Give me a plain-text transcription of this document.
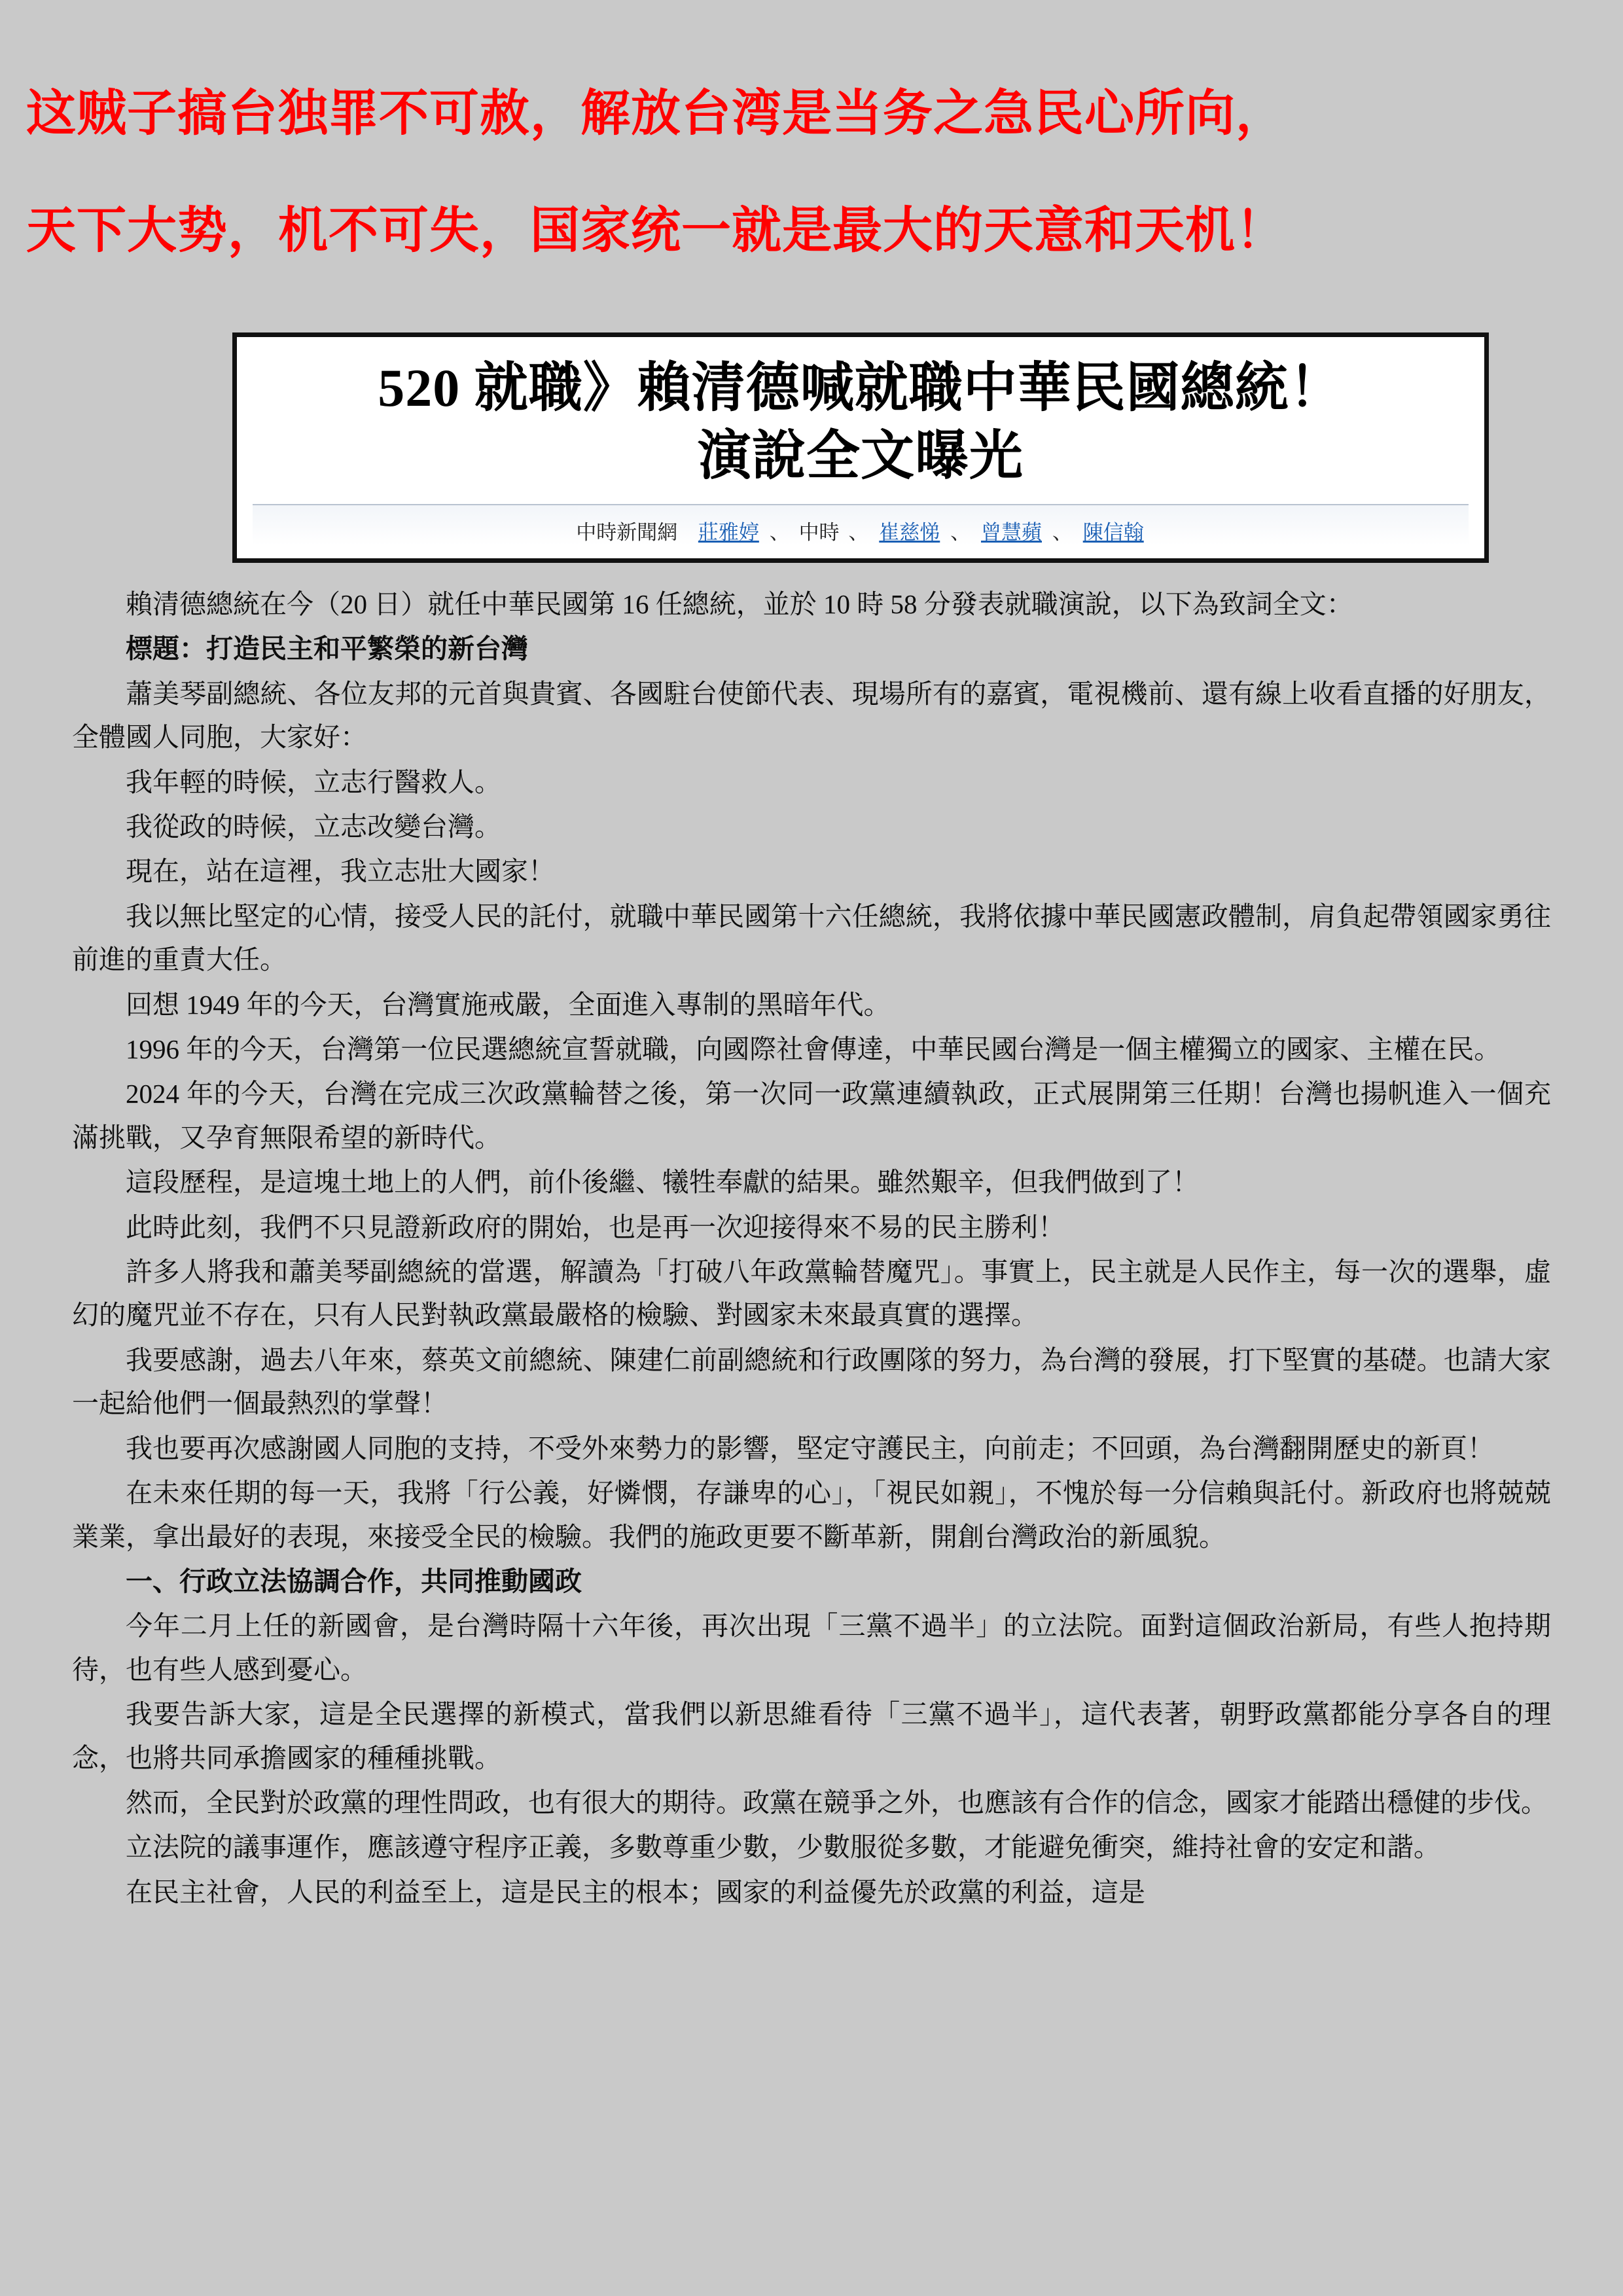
这贼子搞台独罪不可赦，解放台湾是当务之急民心所向，

天下大势，机不可失，国家统一就是最大的天意和天机！

520 就職》賴清德喊就職中華民國總統！
演說全文曝光
中時新聞網 莊雅婷 、 中時 、 崔慈悌 、 曾慧蘋 、 陳信翰

賴清德總統在今（20 日）就任中華民國第 16 任總統，並於 10 時 58 分發表就職演說，以下為致詞全文：

標題：打造民主和平繁榮的新台灣

蕭美琴副總統、各位友邦的元首與貴賓、各國駐台使節代表、現場所有的嘉賓，電視機前、還有線上收看直播的好朋友，全體國人同胞，大家好：

我年輕的時候，立志行醫救人。

我從政的時候，立志改變台灣。

現在，站在這裡，我立志壯大國家！

我以無比堅定的心情，接受人民的託付，就職中華民國第十六任總統，我將依據中華民國憲政體制，肩負起帶領國家勇往前進的重責大任。

回想 1949 年的今天，台灣實施戒嚴，全面進入專制的黑暗年代。

1996 年的今天，台灣第一位民選總統宣誓就職，向國際社會傳達，中華民國台灣是一個主權獨立的國家、主權在民。

2024 年的今天，台灣在完成三次政黨輪替之後，第一次同一政黨連續執政，正式展開第三任期！台灣也揚帆進入一個充滿挑戰，又孕育無限希望的新時代。

這段歷程，是這塊土地上的人們，前仆後繼、犧牲奉獻的結果。雖然艱辛，但我們做到了！

此時此刻，我們不只見證新政府的開始，也是再一次迎接得來不易的民主勝利！

許多人將我和蕭美琴副總統的當選，解讀為「打破八年政黨輪替魔咒」。事實上，民主就是人民作主，每一次的選舉，虛幻的魔咒並不存在，只有人民對執政黨最嚴格的檢驗、對國家未來最真實的選擇。

我要感謝，過去八年來，蔡英文前總統、陳建仁前副總統和行政團隊的努力，為台灣的發展，打下堅實的基礎。也請大家一起給他們一個最熱烈的掌聲！

我也要再次感謝國人同胞的支持，不受外來勢力的影響，堅定守護民主，向前走；不回頭，為台灣翻開歷史的新頁！

在未來任期的每一天，我將「行公義，好憐憫，存謙卑的心」，「視民如親」，不愧於每一分信賴與託付。新政府也將兢兢業業，拿出最好的表現，來接受全民的檢驗。我們的施政更要不斷革新，開創台灣政治的新風貌。

一、行政立法協調合作，共同推動國政

今年二月上任的新國會，是台灣時隔十六年後，再次出現「三黨不過半」的立法院。面對這個政治新局，有些人抱持期待，也有些人感到憂心。

我要告訴大家，這是全民選擇的新模式，當我們以新思維看待「三黨不過半」，這代表著，朝野政黨都能分享各自的理念，也將共同承擔國家的種種挑戰。

然而，全民對於政黨的理性問政，也有很大的期待。政黨在競爭之外，也應該有合作的信念，國家才能踏出穩健的步伐。

立法院的議事運作，應該遵守程序正義，多數尊重少數，少數服從多數，才能避免衝突，維持社會的安定和諧。

在民主社會，人民的利益至上，這是民主的根本；國家的利益優先於政黨的利益，這是
